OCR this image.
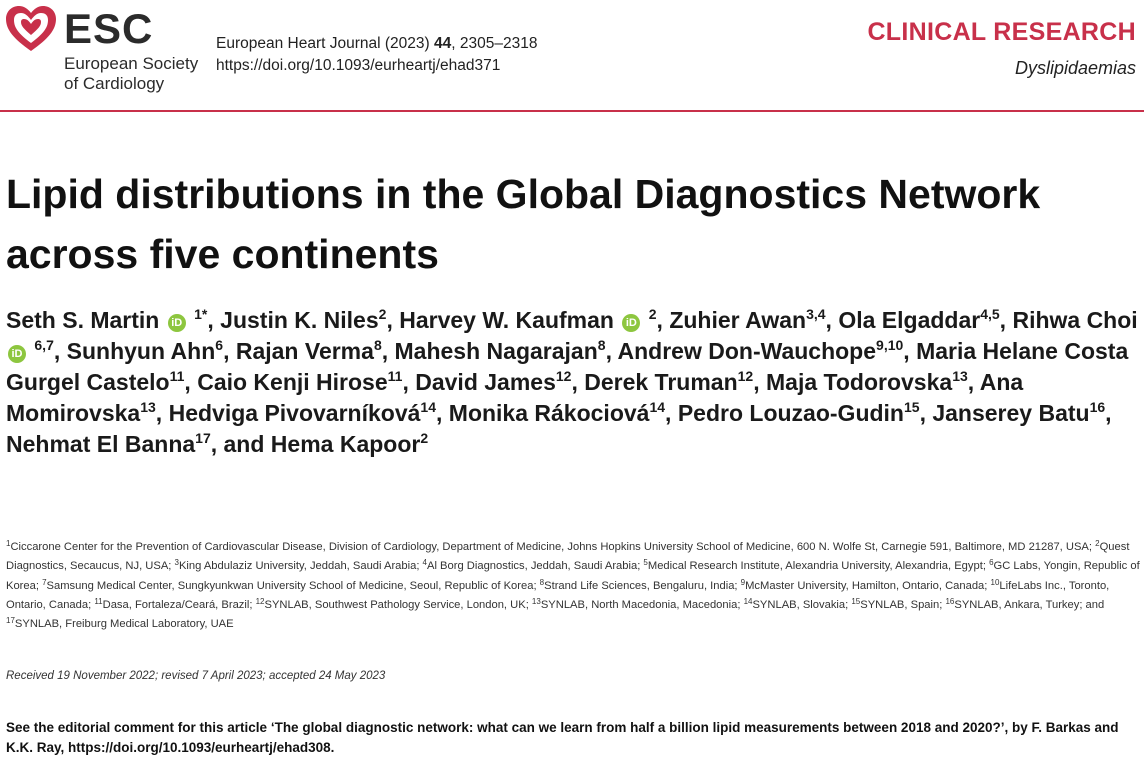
ESC
European Society
of Cardiology
European Heart Journal (2023) 44, 2305–2318
https://doi.org/10.1093/eurheartj/ehad371
CLINICAL RESEARCH
Dyslipidaemias
Lipid distributions in the Global Diagnostics Network across five continents

Seth S. Martin iD $^{1*}$, Justin K. Niles$^2$, Harvey W. Kaufman iD $^2$, Zuhier Awan$^{3,4}$, Ola Elgaddar$^{4,5}$, Rihwa Choi iD $^{6,7}$, Sunhyun Ahn$^6$, Rajan Verma$^8$, Mahesh Nagarajan$^8$, Andrew Don-Wauchope$^{9,10}$, Maria Helane Costa Gurgel Castelo$^{11}$, Caio Kenji Hirose$^{11}$, David James$^{12}$, Derek Truman$^{12}$, Maja Todorovska$^{13}$, Ana Momirovska$^{13}$, Hedviga Pivovarníková$^{14}$, Monika Rákociová$^{14}$, Pedro Louzao-Gudin$^{15}$, Janserey Batu$^{16}$, Nehmat El Banna$^{17}$, and Hema Kapoor$^2$

$^1$Ciccarone Center for the Prevention of Cardiovascular Disease, Division of Cardiology, Department of Medicine, Johns Hopkins University School of Medicine, 600 N. Wolfe St, Carnegie 591, Baltimore, MD 21287, USA; $^2$Quest Diagnostics, Secaucus, NJ, USA; $^3$King Abdulaziz University, Jeddah, Saudi Arabia; $^4$Al Borg Diagnostics, Jeddah, Saudi Arabia; $^5$Medical Research Institute, Alexandria University, Alexandria, Egypt; $^6$GC Labs, Yongin, Republic of Korea; $^7$Samsung Medical Center, Sungkyunkwan University School of Medicine, Seoul, Republic of Korea; $^8$Strand Life Sciences, Bengaluru, India; $^9$McMaster University, Hamilton, Ontario, Canada; $^{10}$LifeLabs Inc., Toronto, Ontario, Canada; $^{11}$Dasa, Fortaleza/Ceará, Brazil; $^{12}$SYNLAB, Southwest Pathology Service, London, UK; $^{13}$SYNLAB, North Macedonia, Macedonia; $^{14}$SYNLAB, Slovakia; $^{15}$SYNLAB, Spain; $^{16}$SYNLAB, Ankara, Turkey; and $^{17}$SYNLAB, Freiburg Medical Laboratory, UAE

Received 19 November 2022; revised 7 April 2023; accepted 24 May 2023

See the editorial comment for this article ‘The global diagnostic network: what can we learn from half a billion lipid measurements between 2018 and 2020?’, by F. Barkas and K.K. Ray, https://doi.org/10.1093/eurheartj/ehad308.
